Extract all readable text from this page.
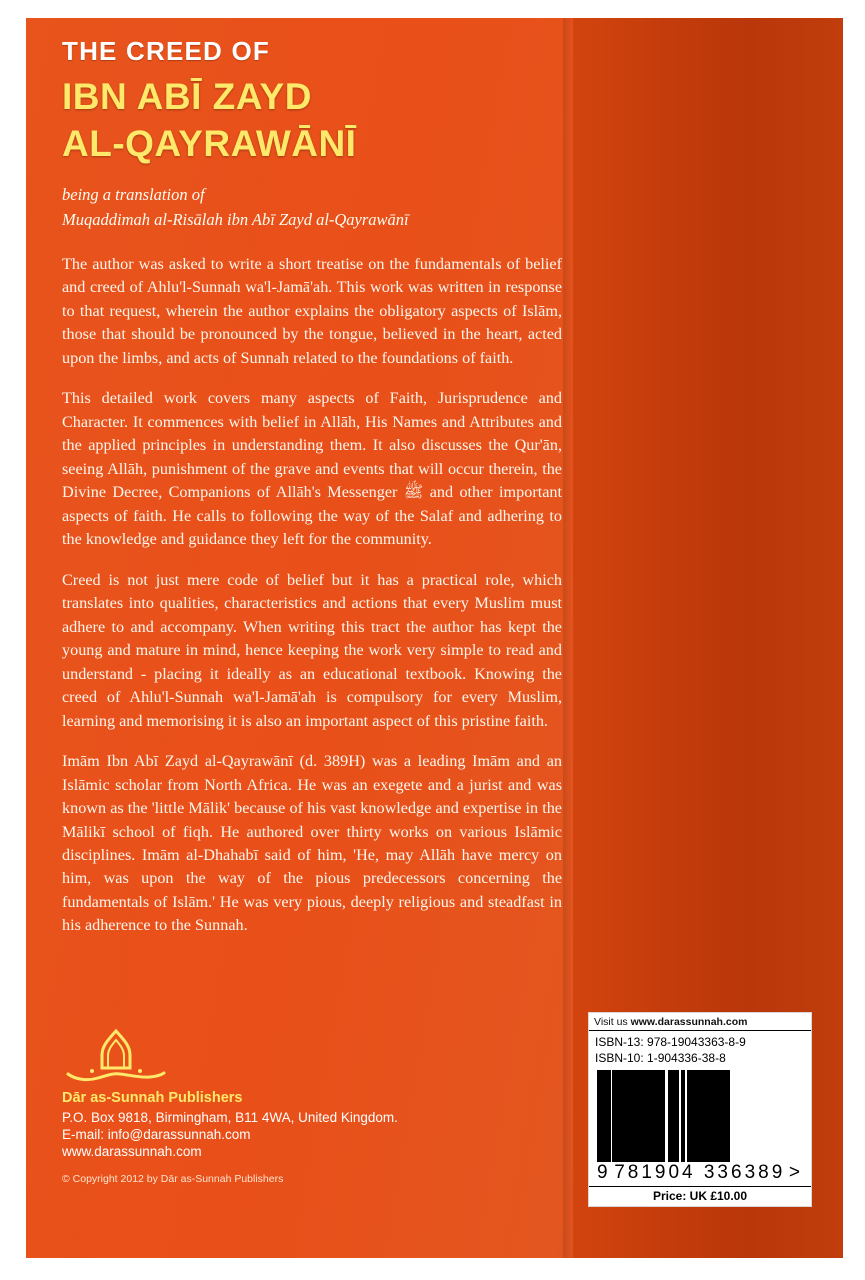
THE CREED OF
IBN ABĪ ZAYD
AL-QAYRAWĀNĪ
being a translation of
Muqaddimah al-Risālah ibn Abī Zayd al-Qayrawānī

The author was asked to write a short treatise on the fundamentals of belief and creed of Ahlu'l-Sunnah wa'l-Jamā'ah. This work was written in response to that request, wherein the author explains the obligatory aspects of Islām, those that should be pronounced by the tongue, believed in the heart, acted upon the limbs, and acts of Sunnah related to the foundations of faith.

This detailed work covers many aspects of Faith, Jurisprudence and Character. It commences with belief in Allāh, His Names and Attributes and the applied principles in understanding them. It also discusses the Qur'ān, seeing Allāh, punishment of the grave and events that will occur therein, the Divine Decree, Companions of Allāh's Messenger ﷺ and other important aspects of faith. He calls to following the way of the Salaf and adhering to the knowledge and guidance they left for the community.

Creed is not just mere code of belief but it has a practical role, which translates into qualities, characteristics and actions that every Muslim must adhere to and accompany. When writing this tract the author has kept the young and mature in mind, hence keeping the work very simple to read and understand - placing it ideally as an educational textbook. Knowing the creed of Ahlu'l-Sunnah wa'l-Jamā'ah is compulsory for every Muslim, learning and memorising it is also an important aspect of this pristine faith.

Imām Ibn Abī Zayd al-Qayrawānī (d. 389H) was a leading Imām and an Islāmic scholar from North Africa. He was an exegete and a jurist and was known as the 'little Mālik' because of his vast knowledge and expertise in the Mālikī school of fiqh. He authored over thirty works on various Islāmic disciplines. Imām al-Dhahabī said of him, 'He, may Allāh have mercy on him, was upon the way of the pious predecessors concerning the fundamentals of Islām.' He was very pious, deeply religious and steadfast in his adherence to the Sunnah.

Dār as-Sunnah Publishers
P.O. Box 9818, Birmingham, B11 4WA, United Kingdom.
E-mail: info@darassunnah.com
www.darassunnah.com
© Copyright 2012 by Dār as-Sunnah Publishers
Visit us www.darassunnah.com
ISBN-13: 978-19043363-8-9
ISBN-10: 1-904336-38-8
9 781904 336389 >
Price: UK £10.00
